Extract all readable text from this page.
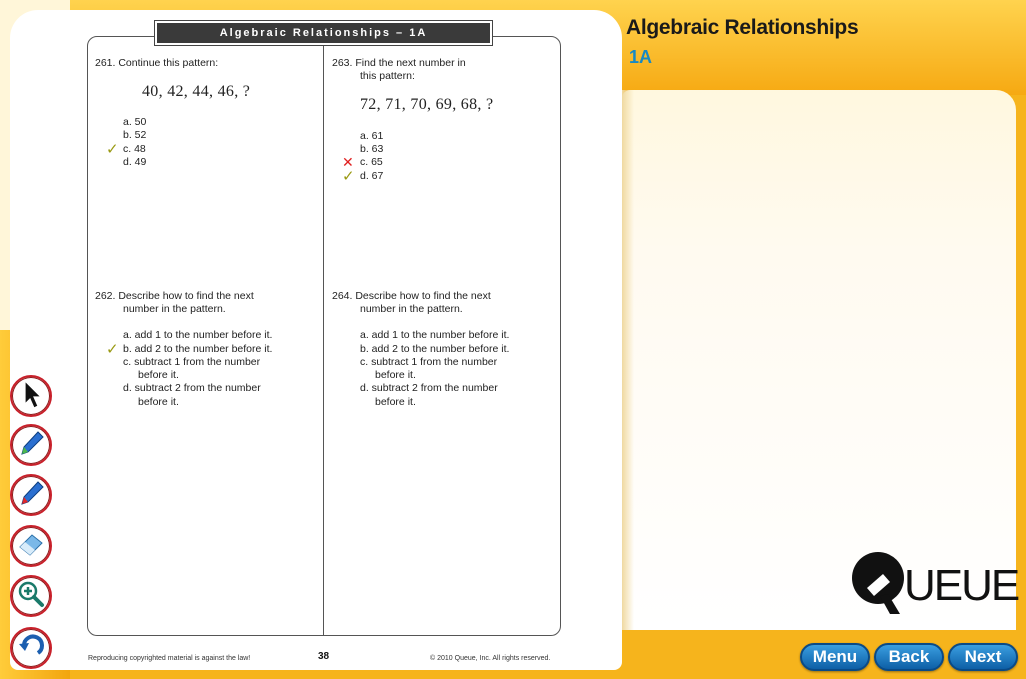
Algebraic Relationships
1A
UEUE
Algebraic Relationships – 1A
261. Continue this pattern:
40, 42, 44, 46, ?
a. 50
b. 52
✓ c. 48
d. 49
263. Find the next number in
this pattern:
72, 71, 70, 69, 68, ?
a. 61
b. 63
✕ c. 65
✓ d. 67
262. Describe how to find the next
number in the pattern.
a. add 1 to the number before it.
✓ b. add 2 to the number before it.
c. subtract 1 from the number
before it.
d. subtract 2 from the number
before it.
264. Describe how to find the next
number in the pattern.
a. add 1 to the number before it.
b. add 2 to the number before it.
c. subtract 1 from the number
before it.
d. subtract 2 from the number
before it.
Reproducing copyrighted material is against the law!	38	© 2010 Queue, Inc. All rights reserved.	Menu	Back	Next
